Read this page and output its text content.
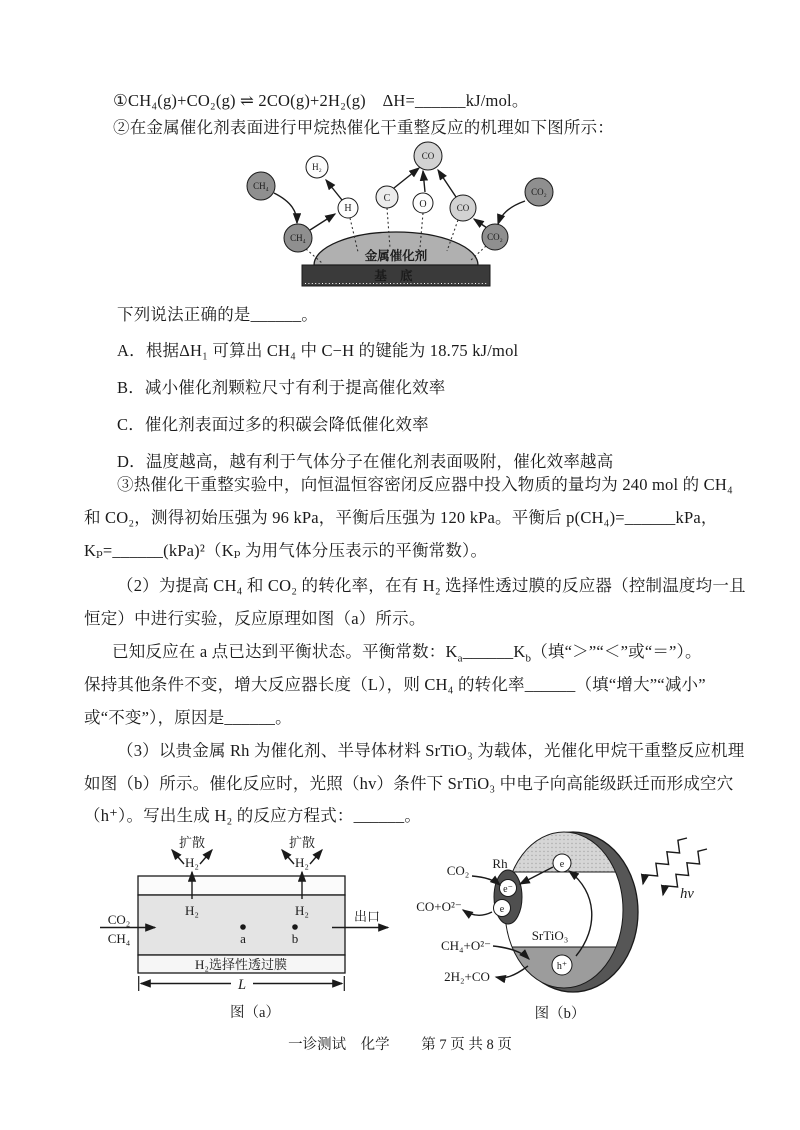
①CH₄(g)+CO₂(g) ⇌ 2CO(g)+2H₂(g)　ΔH=______kJ/mol。
②在金属催化剂表面进行甲烷热催化干重整反应的机理如下图所示：
下列说法正确的是______。
A．根据ΔH₁ 可算出 CH₄ 中 C−H 的键能为 18.75 kJ/mol
B．减小催化剂颗粒尺寸有利于提高催化效率
C．催化剂表面过多的积碳会降低催化效率
D．温度越高，越有利于气体分子在催化剂表面吸附，催化效率越高
③热催化干重整实验中，向恒温恒容密闭反应器中投入物质的量均为 240 mol 的 CH₄
和 CO₂，测得初始压强为 96 kPa，平衡后压强为 120 kPa。平衡后 p(CH₄)=______kPa，
Kₚ=______(kPa)²（Kₚ 为用气体分压表示的平衡常数）。
（2）为提高 CH₄ 和 CO₂ 的转化率，在有 H₂ 选择性透过膜的反应器（控制温度均一且
恒定）中进行实验，反应原理如图（a）所示。
已知反应在 a 点已达到平衡状态。平衡常数：$K_a\_\_\_\_\_\_K_b$（填“＞”“＜”或“＝”）。
保持其他条件不变，增大反应器长度（L），则 CH₄ 的转化率______（填“增大”“减小”
或“不变”），原因是______。
（3）以贵金属 Rh 为催化剂、半导体材料 SrTiO₃ 为载体，光催化甲烷干重整反应机理
如图（b）所示。催化反应时，光照（hv）条件下 SrTiO₃ 中电子向高能级跃迁而形成空穴
（h⁺）。写出生成 H₂ 的反应方程式：______。
金属催化剂
基 底
CH₄
CH₄
H₂
H
C
O
CO
CO
CO₂
CO₂
H₂选择性透过膜
扩散
H₂
H₂
扩散
H₂
H₂
CO₂
CH₄
出口
a	b
L
图（a）
Rh
e⁻
e
e
h⁺
SrTiO₃
CO₂
CO+O²⁻
CH₄+O²⁻
2H₂+CO
hv
图（b）
一诊测试　化学 第 7 页 共 8 页
